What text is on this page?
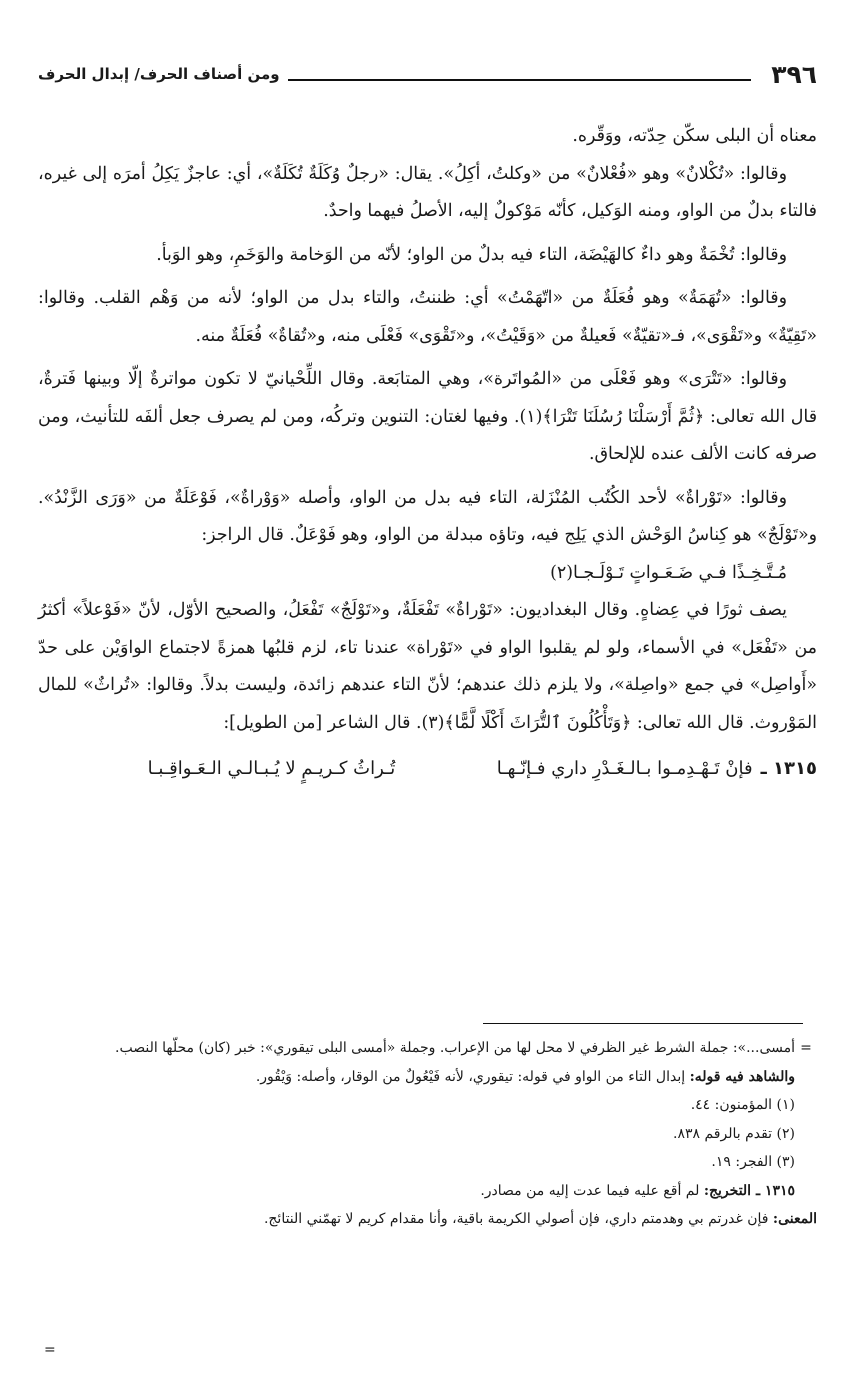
٣٩٦
ومن أصناف الحرف/ إبدال الحرف

معناه أن البلى سكّن حِدّته، ووَقّره.

وقالوا: «تُكْلانٌ» وهو «فُعْلانٌ» من «وكلتُ، أكِلُ». يقال: «رجلٌ وُكَلَةٌ تُكَلَةٌ»، أي: عاجزٌ يَكِلُ أمرَه إلى غيره، فالتاء بدلٌ من الواو، ومنه الوَكيل، كأنّه مَوْكولٌ إليه، الأصلُ فيهما واحدٌ.

وقالوا: تُخْمَةٌ وهو داءٌ كالهَيْضَة، التاء فيه بدلٌ من الواو؛ لأنّه من الوَخامة والوَخَمِ، وهو الوَبأ.

وقالوا: «تُهَمَةٌ» وهو فُعَلَةٌ من «اتّهَمْتُ» أي: ظننتُ، والتاء بدل من الواو؛ لأنه من وَهْم القلب. وقالوا: «تَقِيّةٌ» و«تَقْوَى»، فـ«تقيّةٌ» فَعيلةٌ من «وَقَيْتُ»، و«تَقْوَى» فَعْلَى منه، و«تُقاةٌ» فُعَلَةٌ منه.

وقالوا: «تَتْرَى» وهو فَعْلَى من «المُواتَرة»، وهي المتابَعة. وقال اللِّحْيانيّ لا تكون مواترةٌ إلّا وبينها فَترةٌ، قال الله تعالى: ﴿ثُمَّ أَرْسَلْنَا رُسُلَنَا تَتْرَا﴾(١). وفيها لغتان: التنوين وتركُه، ومن لم يصرف جعل ألفَه للتأنيث، ومن صرفه كانت الألف عنده للإلحاق.

وقالوا: «تَوْراةٌ» لأحد الكُتُب المُنْزَلة، التاء فيه بدل من الواو، وأصله «وَوْراةٌ»، فَوْعَلَةٌ من «وَرَى الزَّنْدُ». و«تَوْلَجٌ» هو كِناسُ الوَحْش الذي يَلِج فيه، وتاؤه مبدلة من الواو، وهو فَوْعَلٌ. قال الراجز:

مُـتَّـخِـذًا فـي ضَـعَـواتٍ تَـوْلَـجـا(٢)

يصف ثورًا في عِضاهٍ. وقال البغداديون: «تَوْراةٌ» تَفْعَلَةٌ، و«تَوْلَجٌ» تَفْعَلُ، والصحيح الأوّل، لأنّ «فَوْعلاً» أكثرُ من «تَفْعَل» في الأسماء، ولو لم يقلبوا الواو في «تَوْراة» عندنا تاء، لزم قلبُها همزةً لاجتماع الواوَيْن على حدّ «أَواصِل» في جمع «واصِلة»، ولا يلزم ذلك عندهم؛ لأنّ التاء عندهم زائدة، وليست بدلاً. وقالوا: «تُراثٌ» للمال المَوْروث. قال الله تعالى: ﴿وَتَأْكُلُونَ ٱلتُّرَاثَ أَكْلًا لَّمًّا﴾(٣). قال الشاعر [من الطويل]:

١٣١٥ ـ
فإنْ تَـهْـدِمـوا بـالـغَـدْرِ داري فـإنّـهـا
تُـراثُ كـريـمٍ لا يُـبـالـي الـعَـواقِـبـا
=
أمسى...»: جملة الشرط غير الظرفي لا محل لها من الإعراب. وجملة «أمسى البلى تيقوري»: خبر (كان) محلّها النصب.

والشاهد فيه قوله: إبدال التاء من الواو في قوله: تيقوري، لأنه فَيْعُولٌ من الوقار، وأصله: وَيْقُور.

(١) المؤمنون: ٤٤.

(٢) تقدم بالرقم ٨٣٨.

(٣) الفجر: ١٩.

١٣١٥ ـ التخريج: لم أقع عليه فيما عدت إليه من مصادر.

المعنى: فإن غدرتم بي وهدمتم داري، فإن أصولي الكريمة باقية، وأنا مقدام كريم لا تهمّني النتائج.

=
